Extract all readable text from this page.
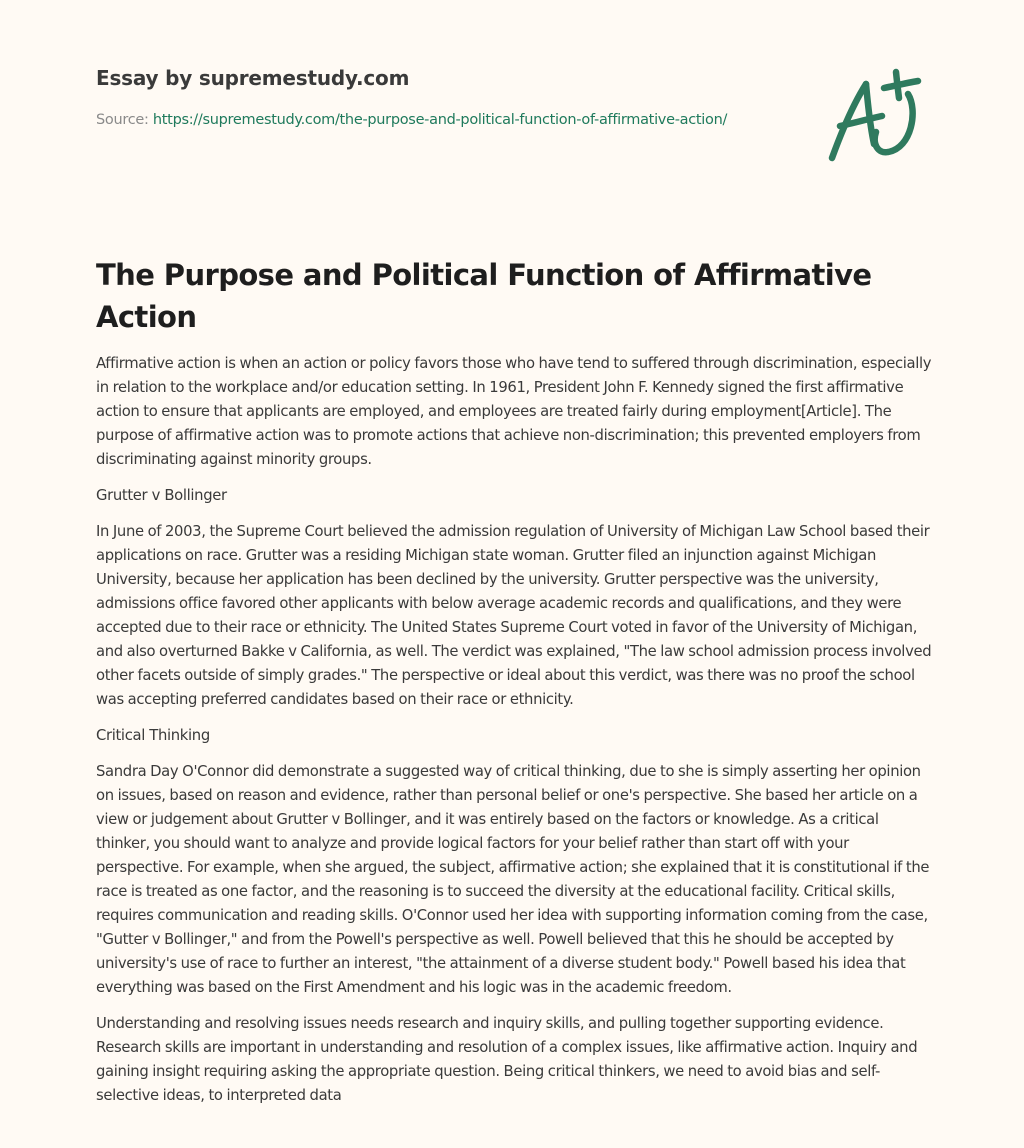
Essay by supremestudy.com
Source: https://supremestudy.com/the-purpose-and-political-function-of-affirmative-action/
The Purpose and Political Function of Affirmative Action

Affirmative action is when an action or policy favors those who have tend to suffered through discrimination, especially in relation to the workplace and/or education setting. In 1961, President John F. Kennedy signed the first affirmative action to ensure that applicants are employed, and employees are treated fairly during employment[Article]. The purpose of affirmative action was to promote actions that achieve non-discrimination; this prevented employers from discriminating against minority groups.

Grutter v Bollinger

In June of 2003, the Supreme Court believed the admission regulation of University of Michigan Law School based their applications on race. Grutter was a residing Michigan state woman. Grutter filed an injunction against Michigan University, because her application has been declined by the university. Grutter perspective was the university, admissions office favored other applicants with below average academic records and qualifications, and they were accepted due to their race or ethnicity. The United States Supreme Court voted in favor of the University of Michigan, and also overturned Bakke v California, as well. The verdict was explained, "The law school admission process involved other facets outside of simply grades." The perspective or ideal about this verdict, was there was no proof the school was accepting preferred candidates based on their race or ethnicity.

Critical Thinking

Sandra Day O'Connor did demonstrate a suggested way of critical thinking, due to she is simply asserting her opinion on issues, based on reason and evidence, rather than personal belief or one's perspective. She based her article on a view or judgement about Grutter v Bollinger, and it was entirely based on the factors or knowledge. As a critical thinker, you should want to analyze and provide logical factors for your belief rather than start off with your perspective. For example, when she argued, the subject, affirmative action; she explained that it is constitutional if the race is treated as one factor, and the reasoning is to succeed the diversity at the educational facility. Critical skills, requires communication and reading skills. O'Connor used her idea with supporting information coming from the case, "Gutter v Bollinger," and from the Powell's perspective as well. Powell believed that this he should be accepted by university's use of race to further an interest, "the attainment of a diverse student body." Powell based his idea that everything was based on the First Amendment and his logic was in the academic freedom.

Understanding and resolving issues needs research and inquiry skills, and pulling together supporting evidence. Research skills are important in understanding and resolution of a complex issues, like affirmative action. Inquiry and gaining insight requiring asking the appropriate question. Being critical thinkers, we need to avoid bias and self-selective ideas, to interpreted data
